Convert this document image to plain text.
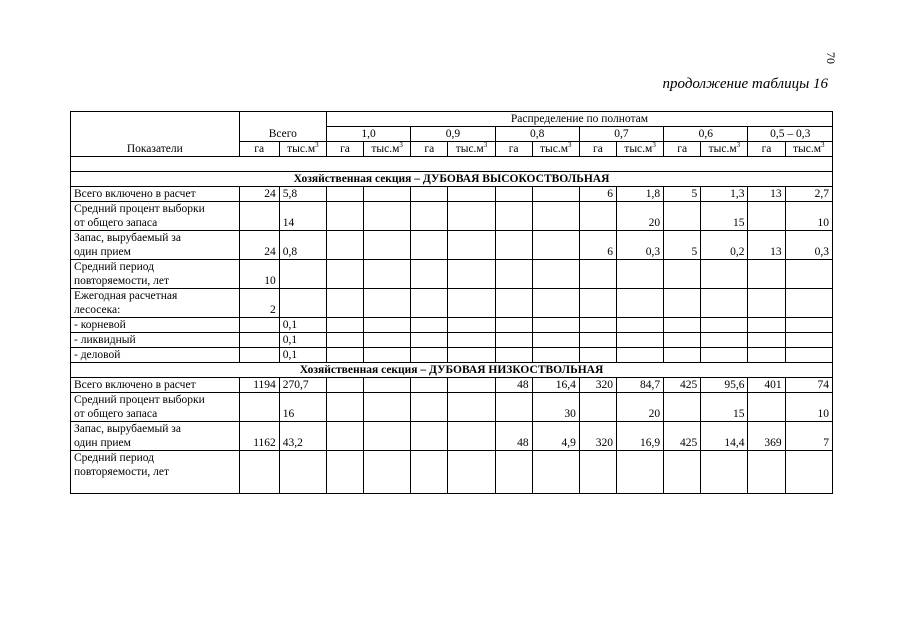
70
продолжение таблицы 16
Показатели	Всего		Распределение по полнотам											
			1,0		0,9		0,8		0,7		0,6		0,5 – 0,3	
	га	$тыс.м^3$	га	$тыс.м^3$	га	$тыс.м^3$	га	$тыс.м^3$	га	$тыс.м^3$	га	$тыс.м^3$	га	$тыс.м^3$

Хозяйственная секция – ДУБОВАЯ ВЫСОКОСТВОЛЬНАЯ														

Всего включено в расчет	24	5,8							6	1,8	5	1,3	13	2,7

Средний процент выборки
от общего запаса		14								20		15		10

Запас, вырубаемый за
один прием	24	0,8							6	0,3	5	0,2	13	0,3

Средний период
повторяемости, лет	10													

Ежегодная расчетная
лесосека:	2													

- корневой		0,1												

- ликвидный		0,1												

- деловой		0,1												
Хозяйственная секция – ДУБОВАЯ НИЗКОСТВОЛЬНАЯ														

Всего включено в расчет	1194	270,7					48	16,4	320	84,7	425	95,6	401	74

Средний процент выборки
от общего запаса		16						30		20		15		10

Запас, вырубаемый за
один прием	1162	43,2					48	4,9	320	16,9	425	14,4	369	7

Средний период
повторяемости, лет														
